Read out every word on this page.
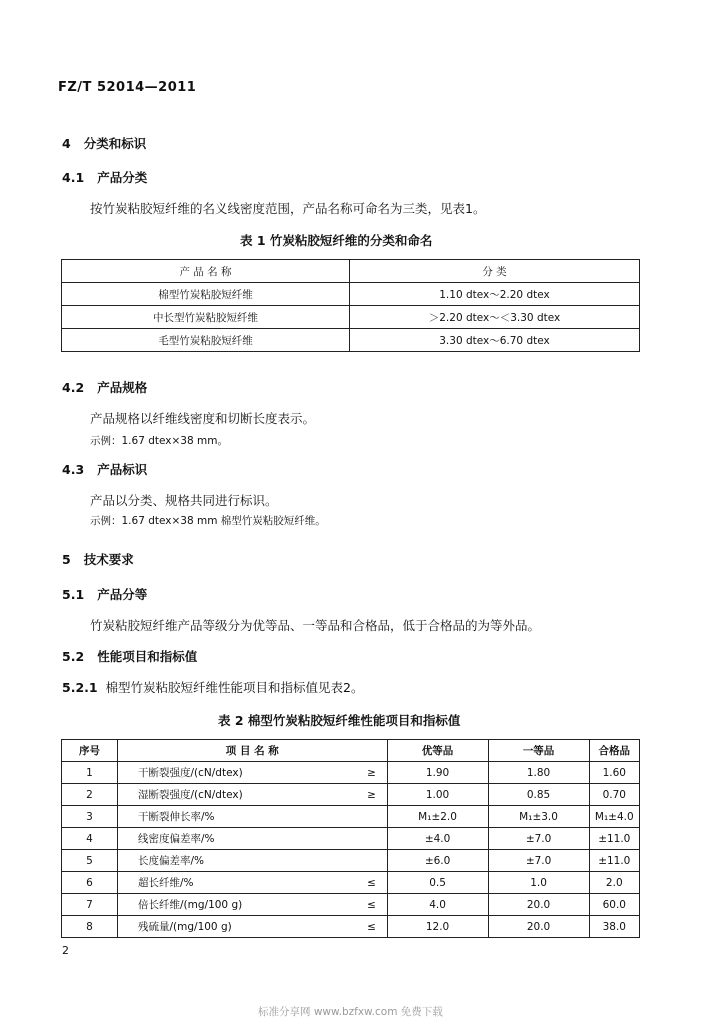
FZ/T 52014—2011
4 分类和标识
4.1 产品分类
按竹炭粘胶短纤维的名义线密度范围，产品名称可命名为三类，见表1。
表 1 竹炭粘胶短纤维的分类和命名
产 品 名 称	分 类
棉型竹炭粘胶短纤维	1.10 dtex～2.20 dtex
中长型竹炭粘胶短纤维	＞2.20 dtex～＜3.30 dtex
毛型竹炭粘胶短纤维	3.30 dtex～6.70 dtex
4.2 产品规格
产品规格以纤维线密度和切断长度表示。
示例：1.67 dtex×38 mm。
4.3 产品标识
产品以分类、规格共同进行标识。
示例：1.67 dtex×38 mm 棉型竹炭粘胶短纤维。
5 技术要求
5.1 产品分等
竹炭粘胶短纤维产品等级分为优等品、一等品和合格品，低于合格品的为等外品。
5.2 性能项目和指标值
5.2.1 棉型竹炭粘胶短纤维性能项目和指标值见表2。
表 2 棉型竹炭粘胶短纤维性能项目和指标值
序号	项 目 名 称		优等品	一等品	合格品
1	干断裂强度/(cN/dtex)	≥	1.90	1.80	1.60
2	湿断裂强度/(cN/dtex)	≥	1.00	0.85	0.70
3	干断裂伸长率/%		M₁±2.0	M₁±3.0	M₁±4.0
4	线密度偏差率/%		±4.0	±7.0	±11.0
5	长度偏差率/%		±6.0	±7.0	±11.0
6	超长纤维/%	≤	0.5	1.0	2.0
7	倍长纤维/(mg/100 g)	≤	4.0	20.0	60.0
8	残硫量/(mg/100 g)	≤	12.0	20.0	38.0
2
标准分享网 www.bzfxw.com 免费下载
